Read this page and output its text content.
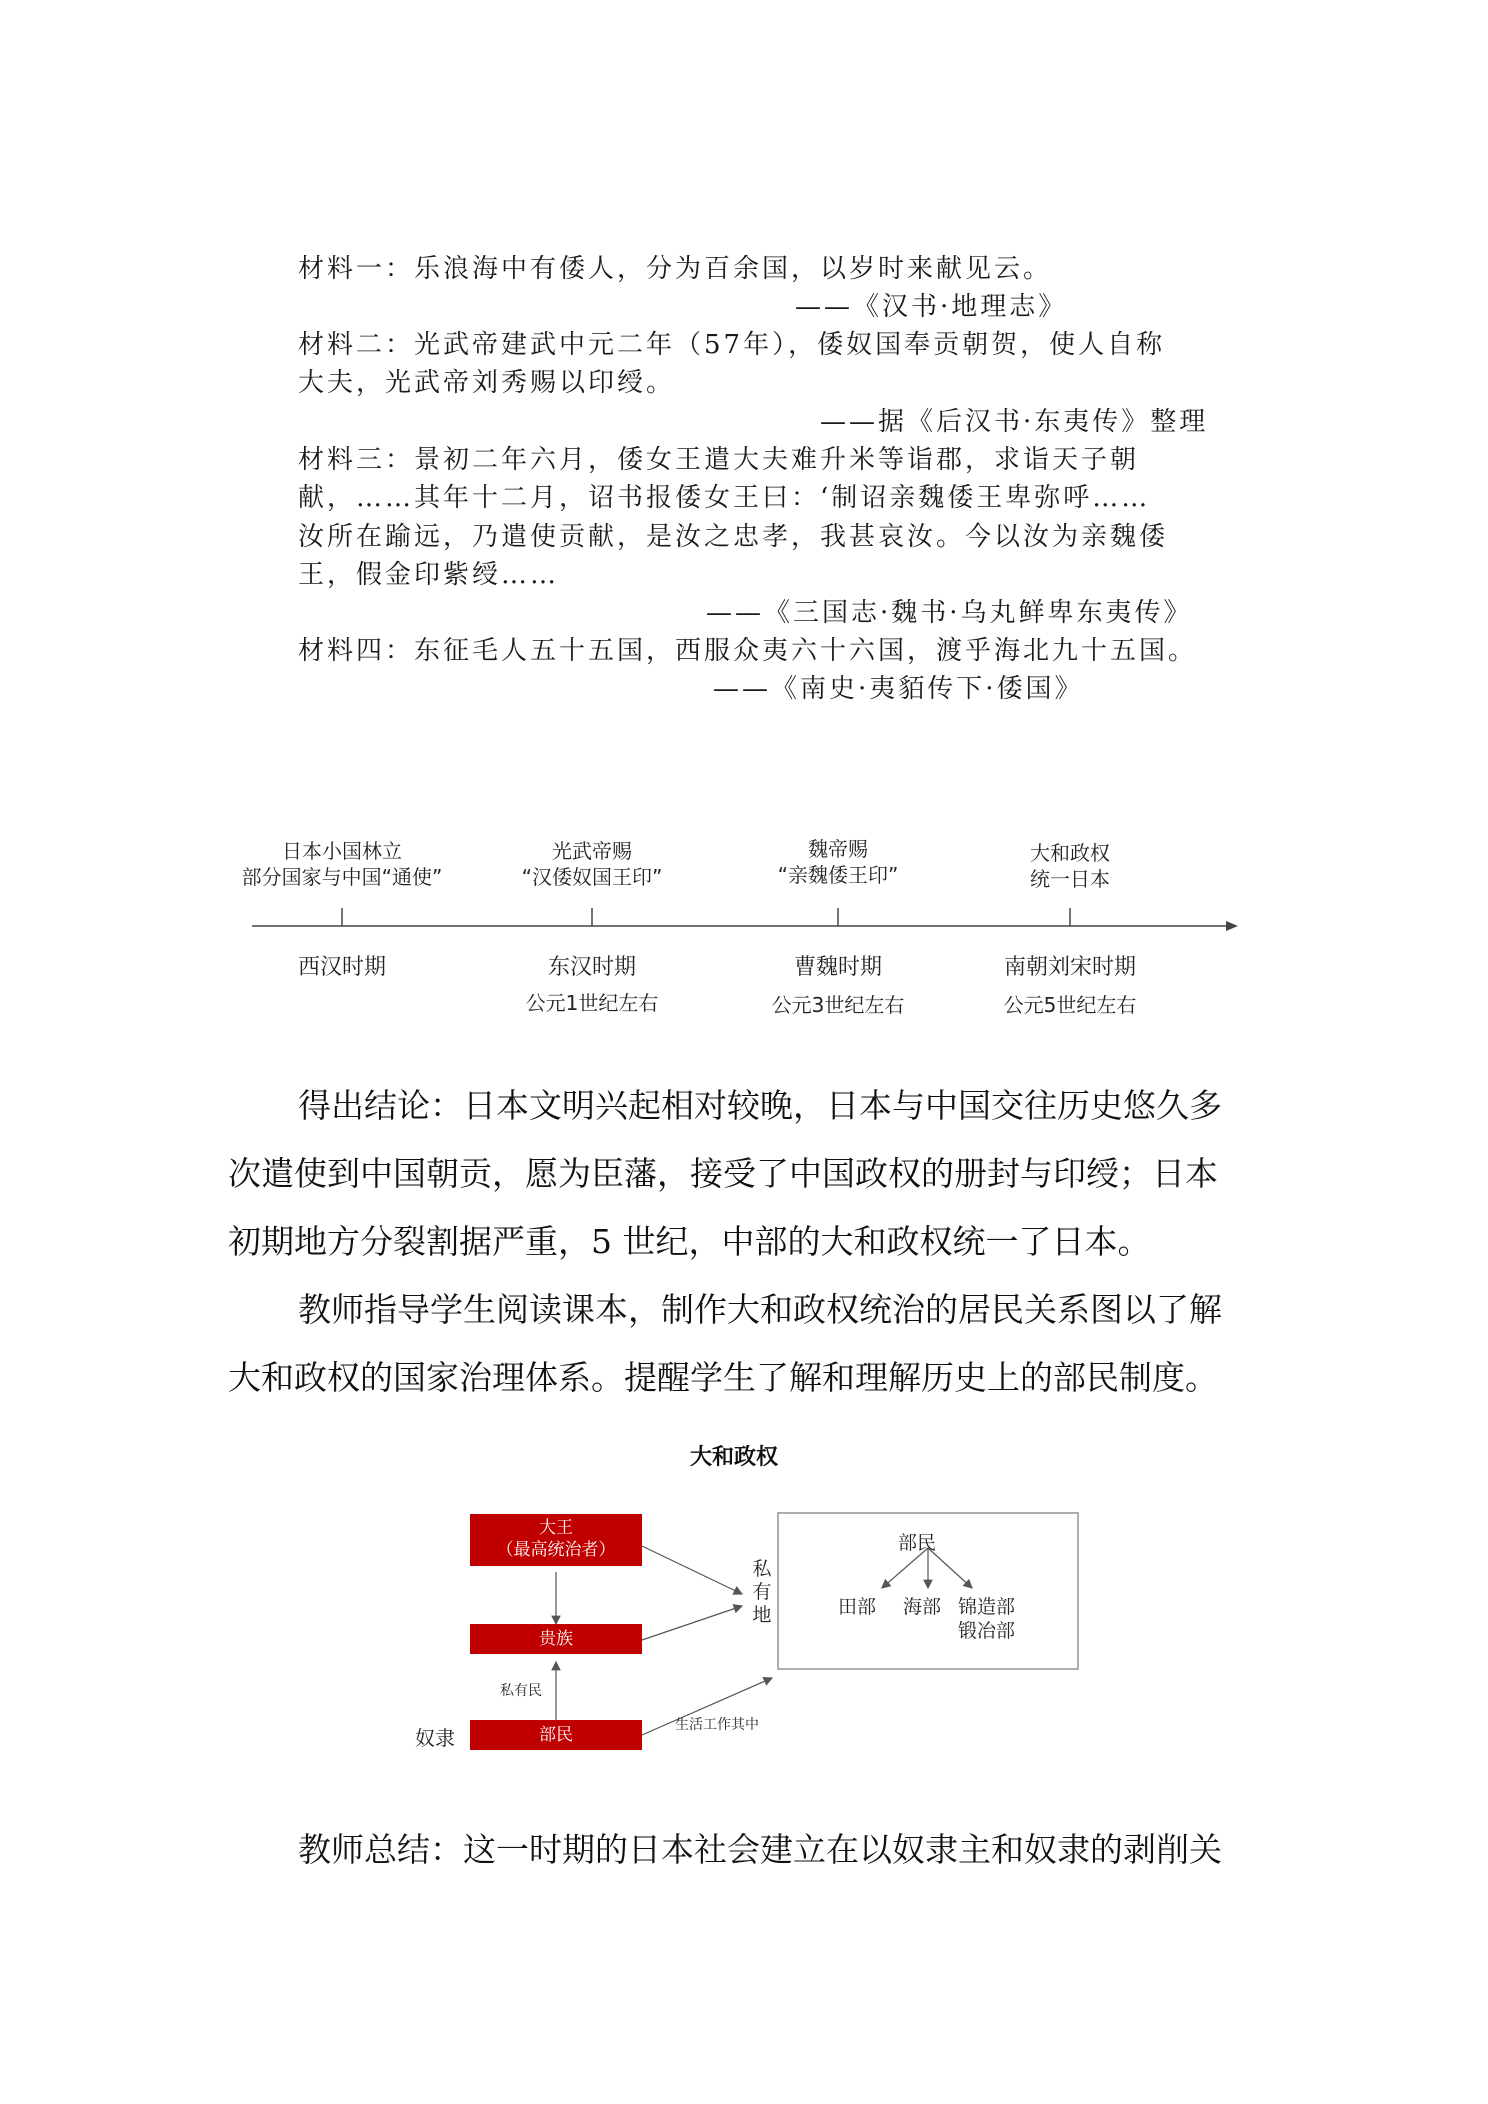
材料一：乐浪海中有倭人，分为百余国，以岁时来献见云。
——《汉书·地理志》
材料二：光武帝建武中元二年（57年），倭奴国奉贡朝贺，使人自称
大夫，光武帝刘秀赐以印绶。
——据《后汉书·东夷传》整理
材料三：景初二年六月，倭女王遣大夫难升米等诣郡，求诣天子朝
献，……其年十二月，诏书报倭女王曰：‘制诏亲魏倭王卑弥呼……
汝所在踰远，乃遣使贡献，是汝之忠孝，我甚哀汝。今以汝为亲魏倭
王，假金印紫绶……
——《三国志·魏书·乌丸鲜卑东夷传》
材料四：东征毛人五十五国，西服众夷六十六国，渡乎海北九十五国。
——《南史·夷貊传下·倭国》
日本小国林立
部分国家与中国“通使”
光武帝赐
“汉倭奴国王印”
魏帝赐
“亲魏倭王印”
大和政权
统一日本
西汉时期	东汉时期
公元1世纪左右
曹魏时期
公元3世纪左右
南朝刘宋时期
公元5世纪左右
得出结论：日本文明兴起相对较晚，日本与中国交往历史悠久多
次遣使到中国朝贡，愿为臣藩，接受了中国政权的册封与印绶；日本
初期地方分裂割据严重，5 世纪，中部的大和政权统一了日本。
教师指导学生阅读课本，制作大和政权统治的居民关系图以了解
大和政权的国家治理体系。提醒学生了解和理解历史上的部民制度。
大和政权
大王
（最高统治者）
贵族
部民
奴隶
私有民
生活工作其中
私
有
地
部民
田部 海部 锦造部
锻冶部
教师总结：这一时期的日本社会建立在以奴隶主和奴隶的剥削关
